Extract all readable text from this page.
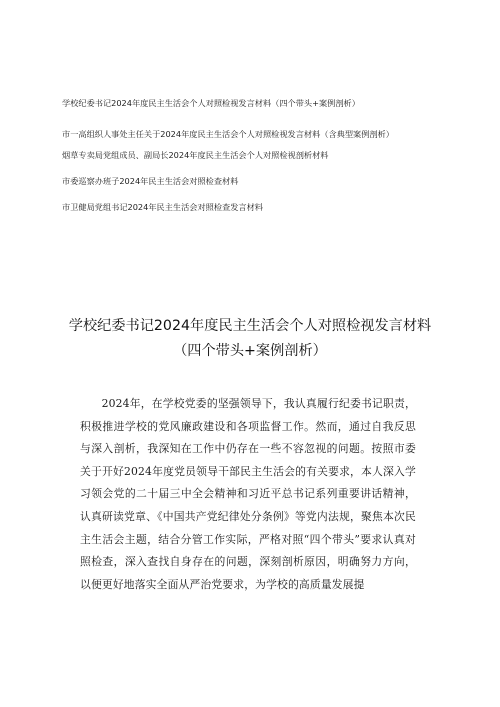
学校纪委书记2024年度民主生活会个人对照检视发言材料（四个带头+案例剖析）
市一高组织人事处主任关于2024年度民主生活会个人对照检视发言材料（含典型案例剖析）
烟草专卖局党组成员、副局长2024年度民主生活会个人对照检视剖析材料
市委巡察办班子2024年民主生活会对照检查材料
市卫健局党组书记2024年民主生活会对照检查发言材料
学校纪委书记2024年度民主生活会个人对照检视发言材料
（四个带头+案例剖析）

2024年，在学校党委的坚强领导下，我认真履行纪委书记职责，积极推进学校的党风廉政建设和各项监督工作。然而，通过自我反思与深入剖析，我深知在工作中仍存在一些不容忽视的问题。按照市委关于开好2024年度党员领导干部民主生活会的有关要求，本人深入学习领会党的二十届三中全会精神和习近平总书记系列重要讲话精神，认真研读党章、《中国共产党纪律处分条例》等党内法规，聚焦本次民主生活会主题，结合分管工作实际，严格对照“四个带头”要求认真对照检查，深入查找自身存在的问题，深刻剖析原因，明确努力方向，以便更好地落实全面从严治党要求，为学校的高质量发展提
